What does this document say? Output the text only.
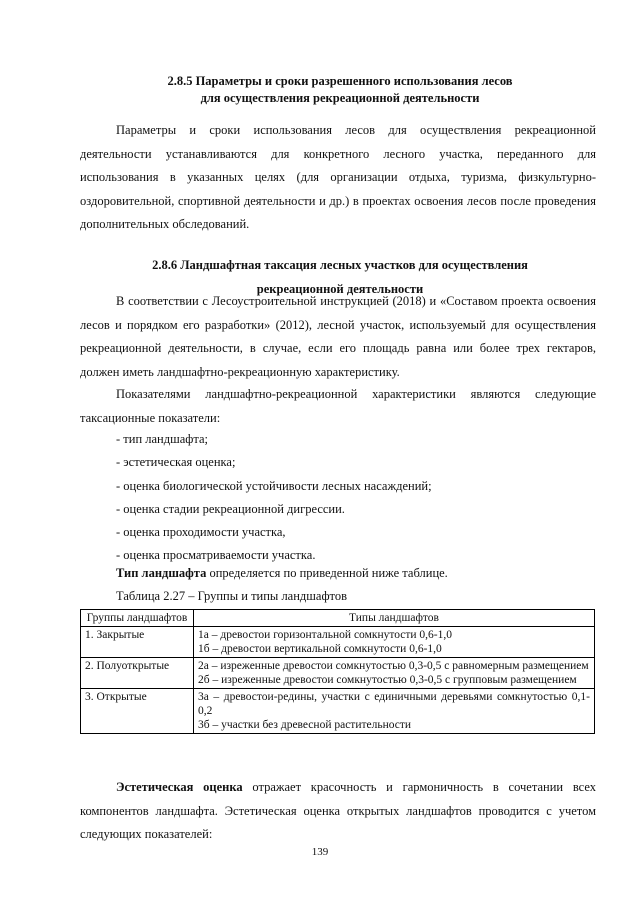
2.8.5 Параметры и сроки разрешенного использования лесов
для осуществления рекреационной деятельности

Параметры и сроки использования лесов для осуществления рекреационной деятельности устанавливаются для конкретного лесного участка, переданного для использования в указанных целях (для организации отдыха, туризма, физкультурно-оздоровительной, спортивной деятельности и др.) в проектах освоения лесов после проведения дополнительных обследований.

2.8.6 Ландшафтная таксация лесных участков для осуществления
рекреационной деятельности

В соответствии с Лесоустроительной инструкцией (2018) и «Составом проекта освоения лесов и порядком его разработки» (2012), лесной участок, используемый для осуществления рекреационной деятельности, в случае, если его площадь равна или более трех гектаров, должен иметь ландшафтно-рекреационную характеристику.

Показателями ландшафтно-рекреационной характеристики являются следующие таксационные показатели:

- тип ландшафта;
- эстетическая оценка;
- оценка биологической устойчивости лесных насаждений;
- оценка стадии рекреационной дигрессии.
- оценка проходимости участка,
- оценка просматриваемости участка.

Тип ландшафта определяется по приведенной ниже таблице.

Таблица 2.27 – Группы и типы ландшафтов

Группы ландшафтов	Типы ландшафтов
1. Закрытые	1а – древостои горизонтальной сомкнутости 0,6-1,0
1б – древостои вертикальной сомкнутости 0,6-1,0

2. Полуоткрытые	2а – изреженные древостои сомкнутостью 0,3-0,5 с равномерным размещением
2б – изреженные древостои сомкнутостью 0,3-0,5 с групповым размещением

3. Открытые	3а – древостои-редины, участки с единичными деревьями сомкнутостью 0,1-0,2
3б – участки без древесной растительности

Эстетическая оценка отражает красочность и гармоничность в сочетании всех компонентов ландшафта. Эстетическая оценка открытых ландшафтов проводится с учетом следующих показателей:

139
